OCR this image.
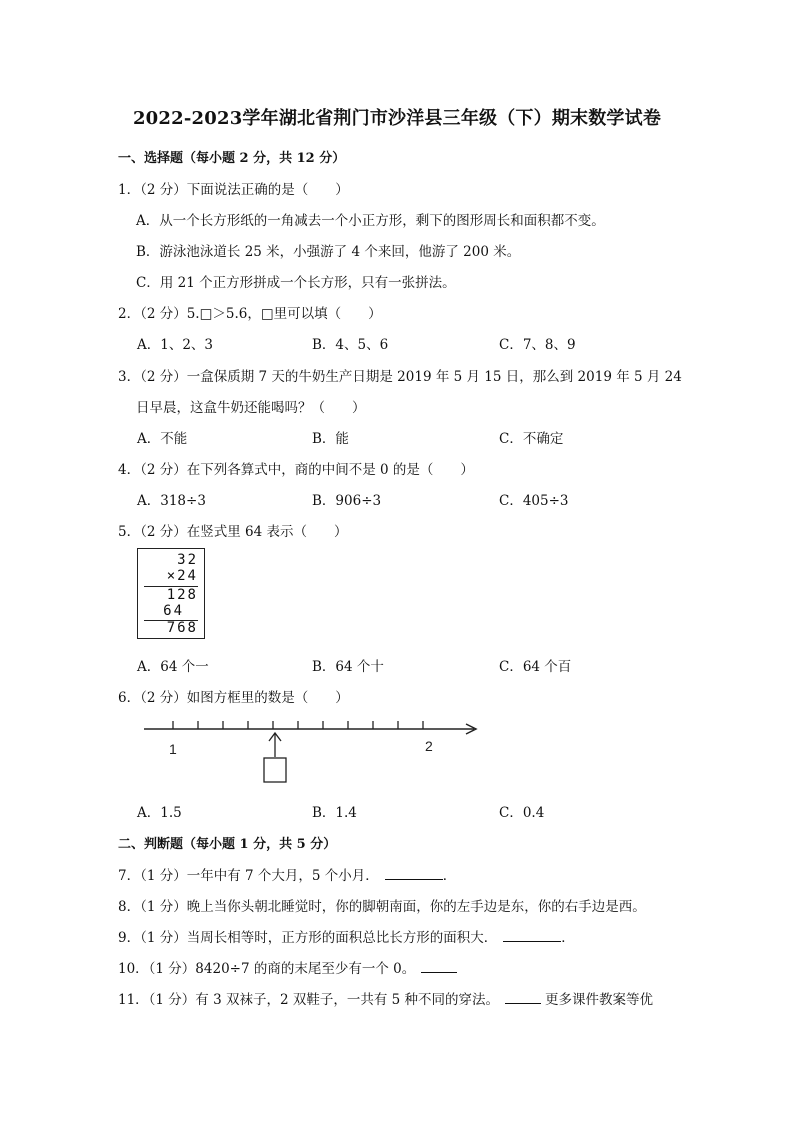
2022-2023学年湖北省荆门市沙洋县三年级（下）期末数学试卷
一、选择题（每小题 2 分，共 12 分）
1．（2 分）下面说法正确的是（　　）
A．从一个长方形纸的一角减去一个小正方形，剩下的图形周长和面积都不变。
B．游泳池泳道长 25 米，小强游了 4 个来回，他游了 200 米。
C．用 21 个正方形拼成一个长方形，只有一张拼法。
2．（2 分）5.□＞5.6，□里可以填（　　）
A．1、2、3	B．4、5、6	C．7、8、9
3．（2 分）一盒保质期 7 天的牛奶生产日期是 2019 年 5 月 15 日，那么到 2019 年 5 月 24
日早晨，这盒牛奶还能喝吗？（　　）
A．不能	B．能	C．不确定
4．（2 分）在下列各算式中，商的中间不是 0 的是（　　）
A．318÷3	B．906÷3	C．405÷3
5．（2 分）在竖式里 64 表示（　　）
32
×24
128
64
768
A．64 个一	B．64 个十	C．64 个百
6．（2 分）如图方框里的数是（　　）
1	2
A．1.5	B．1.4	C．0.4
二、判断题（每小题 1 分，共 5 分）
7．（1 分）一年中有 7 个大月，5 个小月．	．
8．（1 分）晚上当你头朝北睡觉时，你的脚朝南面，你的左手边是东，你的右手边是西。
9．（1 分）当周长相等时，正方形的面积总比长方形的面积大．	．
10．（1 分）8420÷7 的商的末尾至少有一个 0。
11．（1 分）有 3 双袜子，2 双鞋子，一共有 5 种不同的穿法。	更多课件教案等优
